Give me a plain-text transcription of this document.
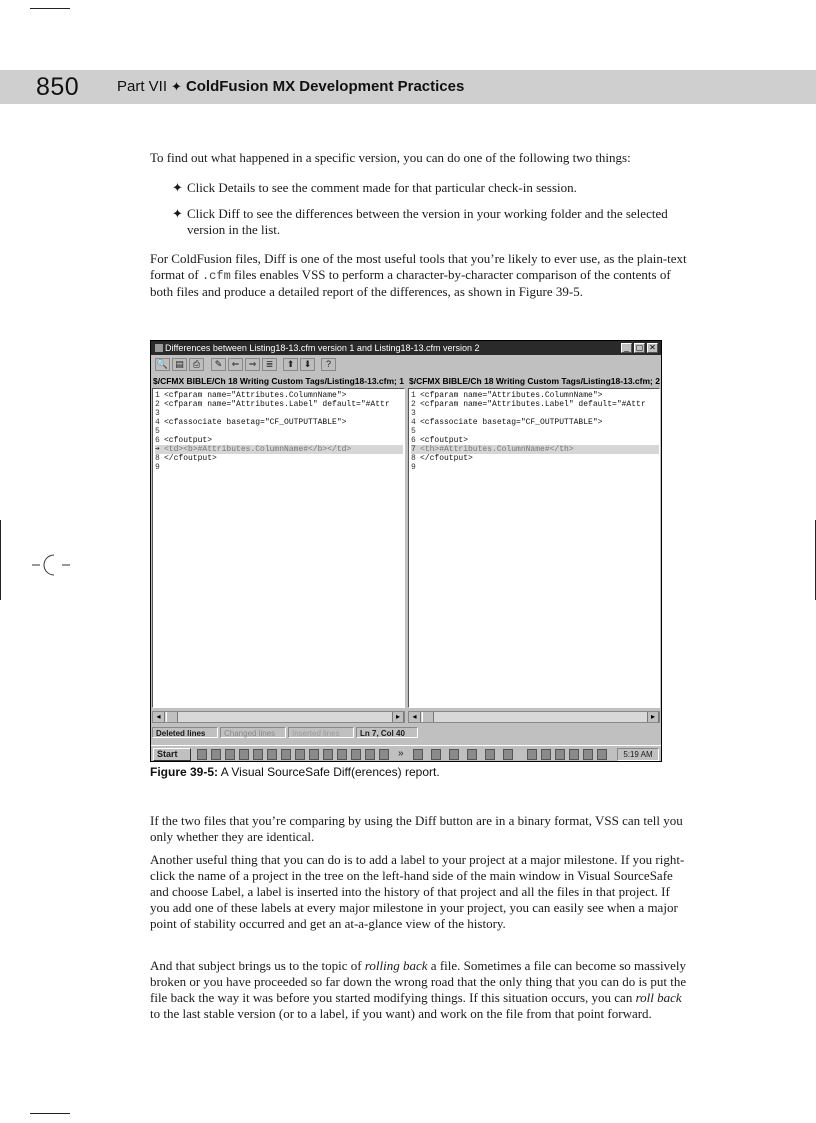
850	Part VII ✦ ColdFusion MX Development Practices

To find out what happened in a specific version, you can do one of the following two things:

✦ Click Details to see the comment made for that particular check-in session.
✦ Click Diff to see the differences between the version in your working folder and the selected version in the list.

For ColdFusion files, Diff is one of the most useful tools that you’re likely to ever use, as the plain-text format of .cfm files enables VSS to perform a character-by-character comparison of the contents of both files and produce a detailed report of the differences, as shown in Figure 39-5.

Differences between Listing18-13.cfm version 1 and Listing18-13.cfm version 2	_ ▢ ✕
🔍 ▤	⎙	✎	⇐	⇒	≣	⬆	⬇	?
$/CFMX BIBLE/Ch 18 Writing Custom Tags/Listing18-13.cfm; 1 $/CFMX BIBLE/Ch 18 Writing Custom Tags/Listing18-13.cfm; 2
1 <cfparam name="Attributes.ColumnName">
2 <cfparam name="Attributes.Label" default="#Attr
3
4 <cfassociate basetag="CF_OUTPUTTABLE">
5
6 <cfoutput>
➔ <td><b>#Attributes.ColumnName#</b></td>
8 </cfoutput>
9
1 <cfparam name="Attributes.ColumnName">
2 <cfparam name="Attributes.Label" default="#Attr
3
4 <cfassociate basetag="CF_OUTPUTTABLE">
5
6 <cfoutput>
7 <th>#Attributes.ColumnName#</th>
8 </cfoutput>
9
◂	▸	◂	▸
Deleted lines	Changed lines	Inserted lines	Ln 7, Col 40
Start	»	5:19 AM
Figure 39-5: A Visual SourceSafe Diff(erences) report.

If the two files that you’re comparing by using the Diff button are in a binary format, VSS can tell you only whether they are identical.

Another useful thing that you can do is to add a label to your project at a major milestone. If you right-click the name of a project in the tree on the left-hand side of the main window in Visual SourceSafe and choose Label, a label is inserted into the history of that project and all the files in that project. If you add one of these labels at every major milestone in your project, you can easily see when a major point of stability occurred and get an at-a-glance view of the history.

And that subject brings us to the topic of rolling back a file. Sometimes a file can become so massively broken or you have proceeded so far down the wrong road that the only thing that you can do is put the file back the way it was before you started modifying things. If this situation occurs, you can roll back to the last stable version (or to a label, if you want) and work on the file from that point forward.
